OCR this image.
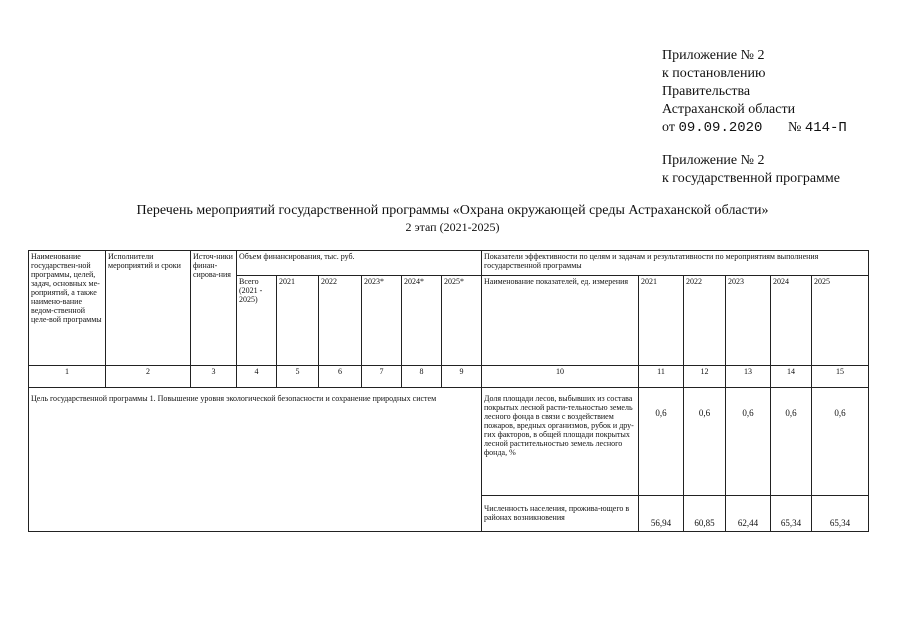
Приложение № 2
к постановлению
Правительства
Астраханской области
от 09.09.2020 № 414-П
Приложение № 2
к государственной программе
Перечень мероприятий государственной программы «Охрана окружающей среды Астраханской области»
2 этап (2021-2025)
Наименование государствен-ной программы, целей, задач, основных ме-роприятий, а также наимено-вание ведом-ственной целе-вой программы	Исполнители мероприятий и сроки	Источ-ники финан-сирова-ния	Объем финансирования, тыс. руб.						Показатели эффективности по целям и задачам и результативности по мероприятиям выполнения государственной программы					
			Всего (2021 - 2025)	2021	2022	2023*	2024*	2025*	Наименование показателей, ед. измерения	2021	2022	2023	2024	2025
1	2	3	4	5	6	7	8	9	10	11	12	13	14	15
Цель государственной программы 1. Повышение уровня экологической безопасности и сохранение природных систем									Доля площади лесов, выбывших из состава покрытых лесной расти-тельностью земель лесного фонда в связи с воздействием пожаров, вредных организмов, рубок и дру-гих факторов, в общей площади покрытых лесной растительностью земель лесного фонда, %	0,6	0,6	0,6	0,6	0,6

									Численность населения, прожива-ющего в районах возникновения	56,94	60,85	62,44	65,34	65,34
